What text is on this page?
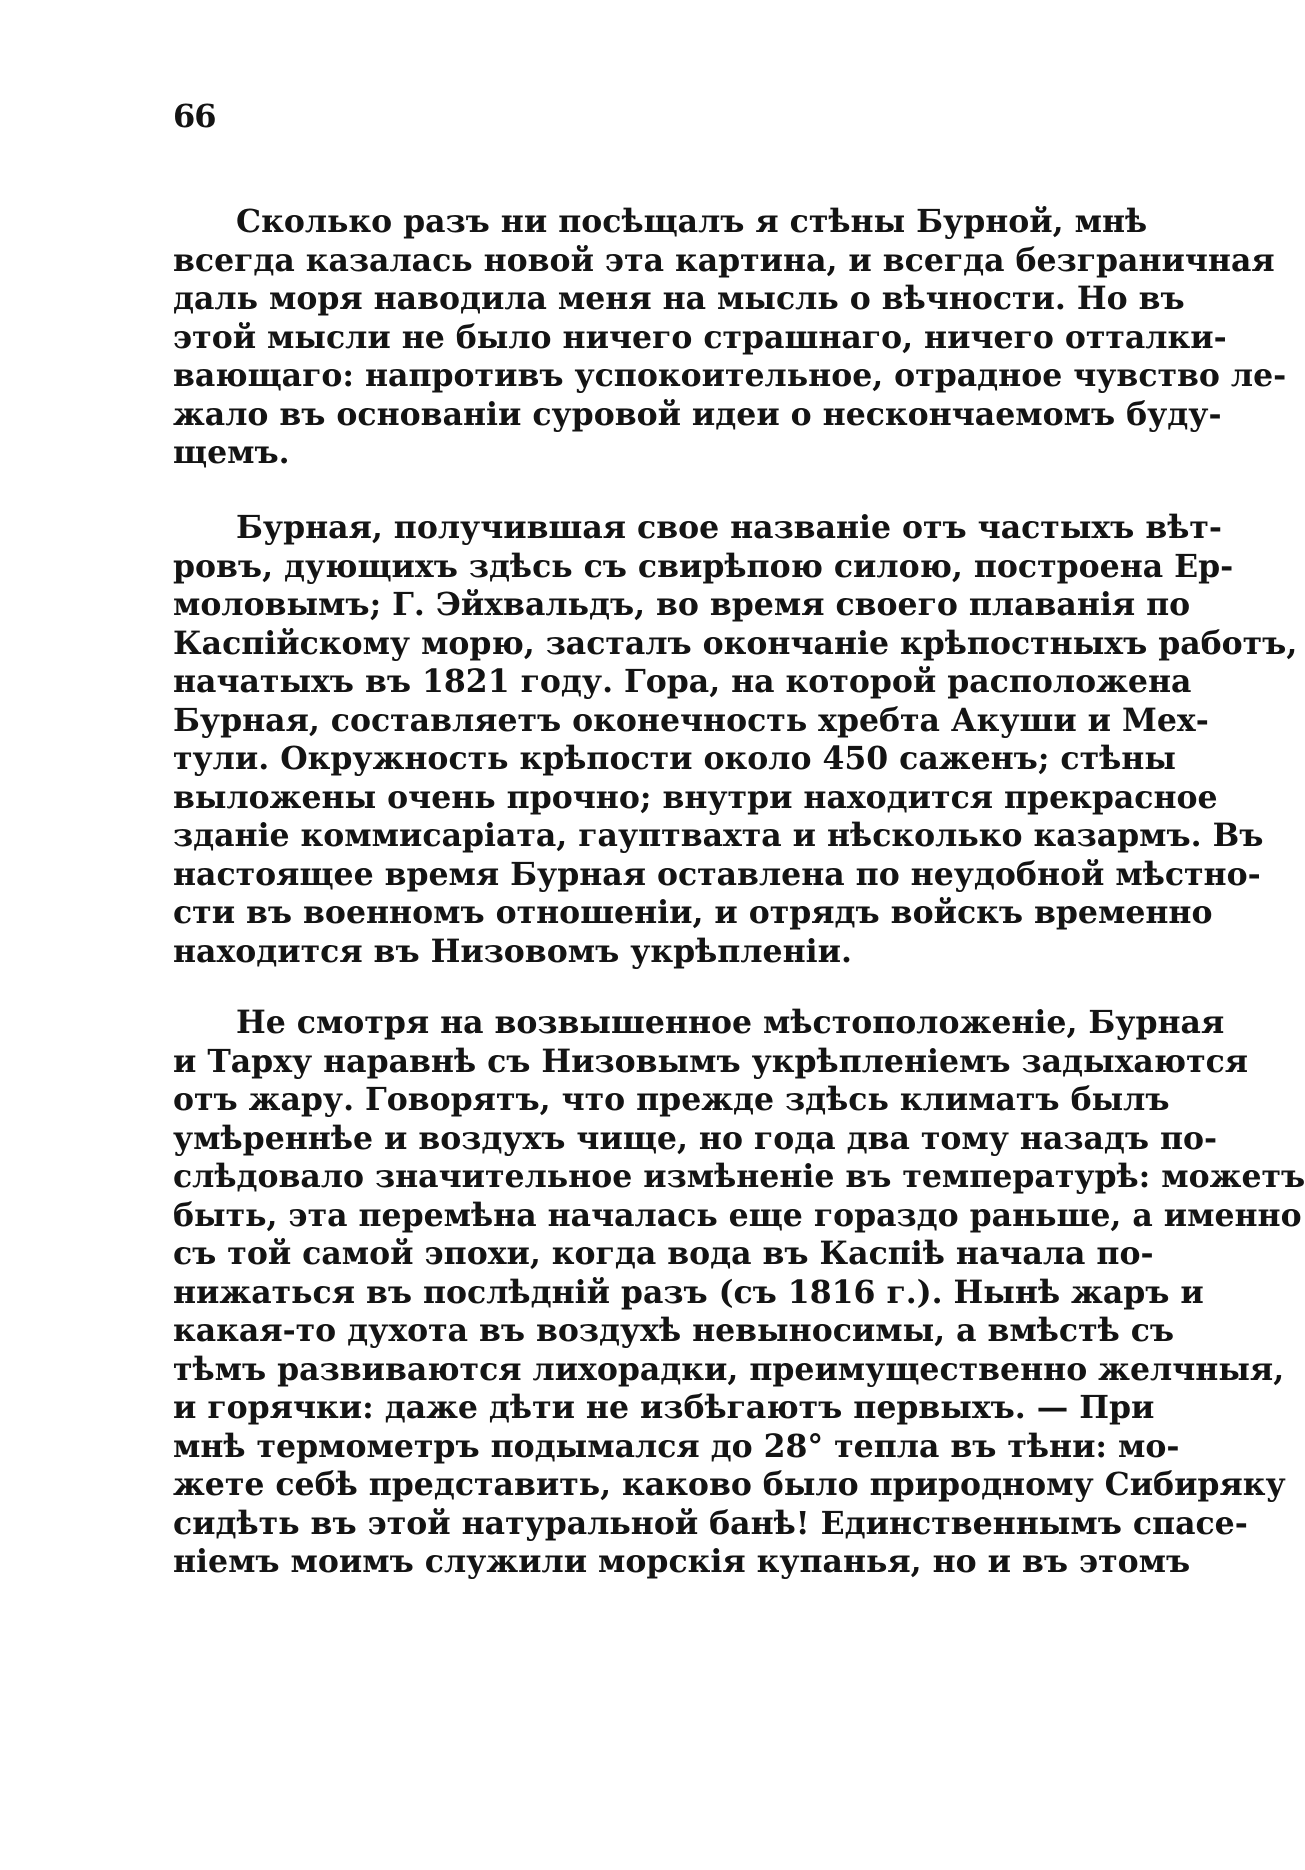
66
  Сколько разъ ни посѣщалъ я стѣны Бурной, мнѣ
всегда казалась новой эта картина, и всегда безграничная
даль моря наводила меня на мысль о вѣчности. Но въ
этой мысли не было ничего страшнаго, ничего отталки-
вающаго: напротивъ успокоительное, отрадное чувство ле-
жало въ основаніи суровой идеи о нескончаемомъ буду-
щемъ.
  Бурная, получившая свое названіе отъ частыхъ вѣт-
ровъ, дующихъ здѣсь съ свирѣпою силою, построена Ер-
моловымъ; Г. Эйхвальдъ, во время своего плаванія по
Каспійскому морю, засталъ окончаніе крѣпостныхъ работъ,
начатыхъ въ 1821 году. Гора, на которой расположена
Бурная, составляетъ оконечность хребта Акуши и Мех-
тули. Окружность крѣпости около 450 саженъ; стѣны
выложены очень прочно; внутри находится прекрасное
зданіе коммисаріата, гауптвахта и нѣсколько казармъ. Въ
настоящее время Бурная оставлена по неудобной мѣстно-
сти въ военномъ отношеніи, и отрядъ войскъ временно
находится въ Низовомъ укрѣпленіи.
  Не смотря на возвышенное мѣстоположеніе, Бурная
и Тарху наравнѣ съ Низовымъ укрѣпленіемъ задыхаются
отъ жару. Говорятъ, что прежде здѣсь климатъ былъ
умѣреннѣе и воздухъ чище, но года два тому назадъ по-
слѣдовало значительное измѣненіе въ температурѣ: можетъ
быть, эта перемѣна началась еще гораздо раньше, а именно
съ той самой эпохи, когда вода въ Каспіѣ начала по-
нижаться въ послѣдній разъ (съ 1816 г.). Нынѣ жаръ и
какая-то духота въ воздухѣ невыносимы, а вмѣстѣ съ
тѣмъ развиваются лихорадки, преимущественно желчныя,
и горячки: даже дѣти не избѣгаютъ первыхъ. — При
мнѣ термометръ подымался до 28° тепла въ тѣни: мо-
жете себѣ представить, каково было природному Сибиряку
сидѣть въ этой натуральной банѣ! Единственнымъ спасе-
ніемъ моимъ служили морскія купанья, но и въ этомъ
